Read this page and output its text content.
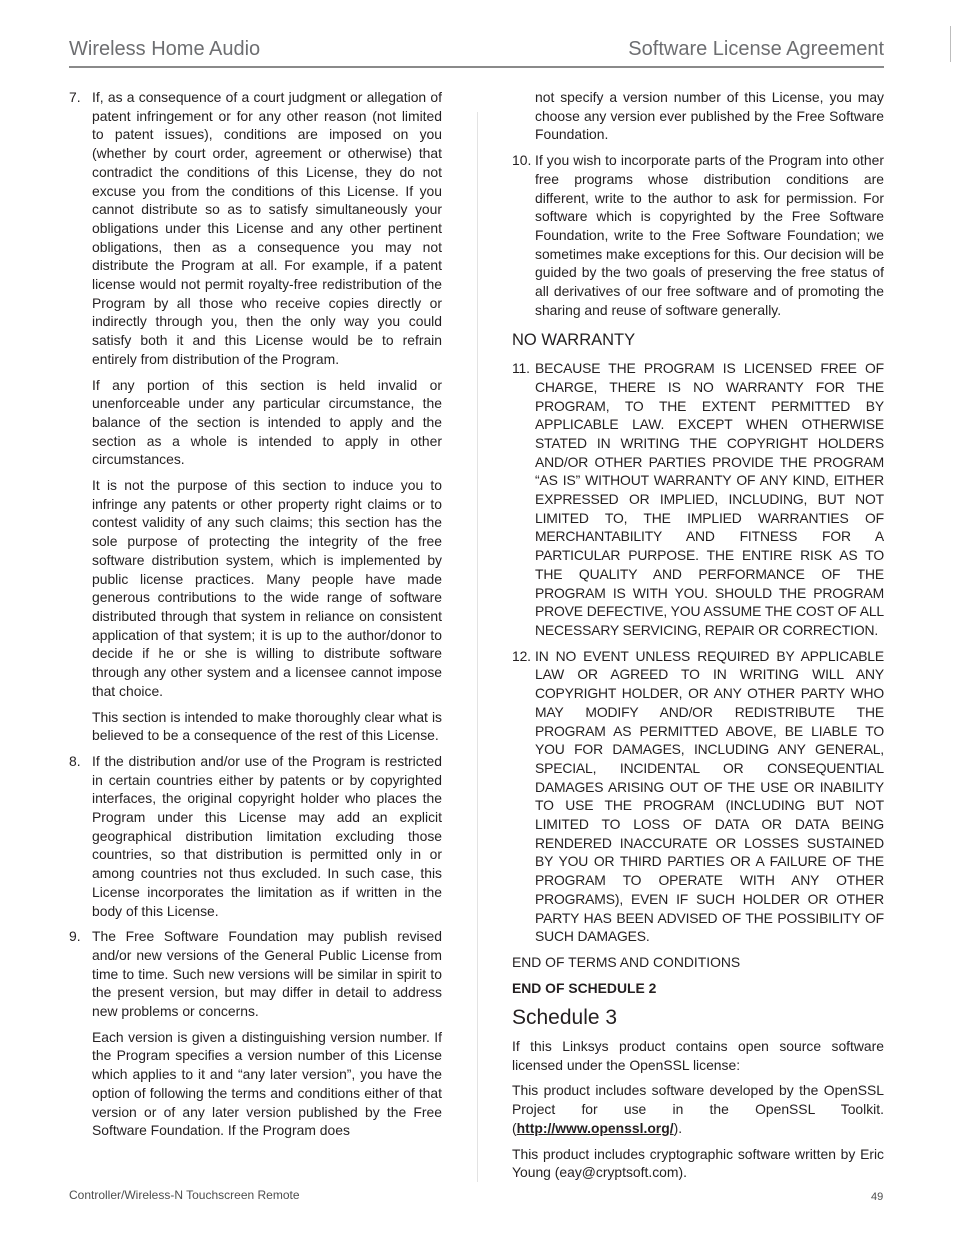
Wireless Home Audio	Software License Agreement
7. If, as a consequence of a court judgment or allegation of patent infringement or for any other reason (not limited to patent issues), conditions are imposed on you (whether by court order, agreement or otherwise) that contradict the conditions of this License, they do not excuse you from the conditions of this License. If you cannot distribute so as to satisfy simultaneously your obligations under this License and any other pertinent obligations, then as a consequence you may not distribute the Program at all. For example, if a patent license would not permit royalty-free redistribution of the Program by all those who receive copies directly or indirectly through you, then the only way you could satisfy both it and this License would be to refrain entirely from distribution of the Program.
If any portion of this section is held invalid or unenforceable under any particular circumstance, the balance of the section is intended to apply and the section as a whole is intended to apply in other circumstances.
It is not the purpose of this section to induce you to infringe any patents or other property right claims or to contest validity of any such claims; this section has the sole purpose of protecting the integrity of the free software distribution system, which is implemented by public license practices. Many people have made generous contributions to the wide range of software distributed through that system in reliance on consistent application of that system; it is up to the author/donor to decide if he or she is willing to distribute software through any other system and a licensee cannot impose that choice.
This section is intended to make thoroughly clear what is believed to be a consequence of the rest of this License.
8. If the distribution and/or use of the Program is restricted in certain countries either by patents or by copyrighted interfaces, the original copyright holder who places the Program under this License may add an explicit geographical distribution limitation excluding those countries, so that distribution is permitted only in or among countries not thus excluded. In such case, this License incorporates the limitation as if written in the body of this License.
9. The Free Software Foundation may publish revised and/or new versions of the General Public License from time to time. Such new versions will be similar in spirit to the present version, but may differ in detail to address new problems or concerns.
Each version is given a distinguishing version number. If the Program specifies a version number of this License which applies to it and “any later version”, you have the option of following the terms and conditions either of that version or of any later version published by the Free Software Foundation. If the Program does
not specify a version number of this License, you may choose any version ever published by the Free Software Foundation.
10. If you wish to incorporate parts of the Program into other free programs whose distribution conditions are different, write to the author to ask for permission. For software which is copyrighted by the Free Software Foundation, write to the Free Software Foundation; we sometimes make exceptions for this. Our decision will be guided by the two goals of preserving the free status of all derivatives of our free software and of promoting the sharing and reuse of software generally.
NO WARRANTY
11. BECAUSE THE PROGRAM IS LICENSED FREE OF CHARGE, THERE IS NO WARRANTY FOR THE PROGRAM, TO THE EXTENT PERMITTED BY APPLICABLE LAW. EXCEPT WHEN OTHERWISE STATED IN WRITING THE COPYRIGHT HOLDERS AND/OR OTHER PARTIES PROVIDE THE PROGRAM “AS IS” WITHOUT WARRANTY OF ANY KIND, EITHER EXPRESSED OR IMPLIED, INCLUDING, BUT NOT LIMITED TO, THE IMPLIED WARRANTIES OF MERCHANTABILITY AND FITNESS FOR A PARTICULAR PURPOSE. THE ENTIRE RISK AS TO THE QUALITY AND PERFORMANCE OF THE PROGRAM IS WITH YOU. SHOULD THE PROGRAM PROVE DEFECTIVE, YOU ASSUME THE COST OF ALL NECESSARY SERVICING, REPAIR OR CORRECTION.
12. IN NO EVENT UNLESS REQUIRED BY APPLICABLE LAW OR AGREED TO IN WRITING WILL ANY COPYRIGHT HOLDER, OR ANY OTHER PARTY WHO MAY MODIFY AND/OR REDISTRIBUTE THE PROGRAM AS PERMITTED ABOVE, BE LIABLE TO YOU FOR DAMAGES, INCLUDING ANY GENERAL, SPECIAL, INCIDENTAL OR CONSEQUENTIAL DAMAGES ARISING OUT OF THE USE OR INABILITY TO USE THE PROGRAM (INCLUDING BUT NOT LIMITED TO LOSS OF DATA OR DATA BEING RENDERED INACCURATE OR LOSSES SUSTAINED BY YOU OR THIRD PARTIES OR A FAILURE OF THE PROGRAM TO OPERATE WITH ANY OTHER PROGRAMS), EVEN IF SUCH HOLDER OR OTHER PARTY HAS BEEN ADVISED OF THE POSSIBILITY OF SUCH DAMAGES.
END OF TERMS AND CONDITIONS
END OF SCHEDULE 2
Schedule 3
If this Linksys product contains open source software licensed under the OpenSSL license:
This product includes software developed by the OpenSSL Project for use in the OpenSSL Toolkit. (http://www.openssl.org/).
This product includes cryptographic software written by Eric Young (eay@cryptsoft.com).
Controller/Wireless-N Touchscreen Remote	49
